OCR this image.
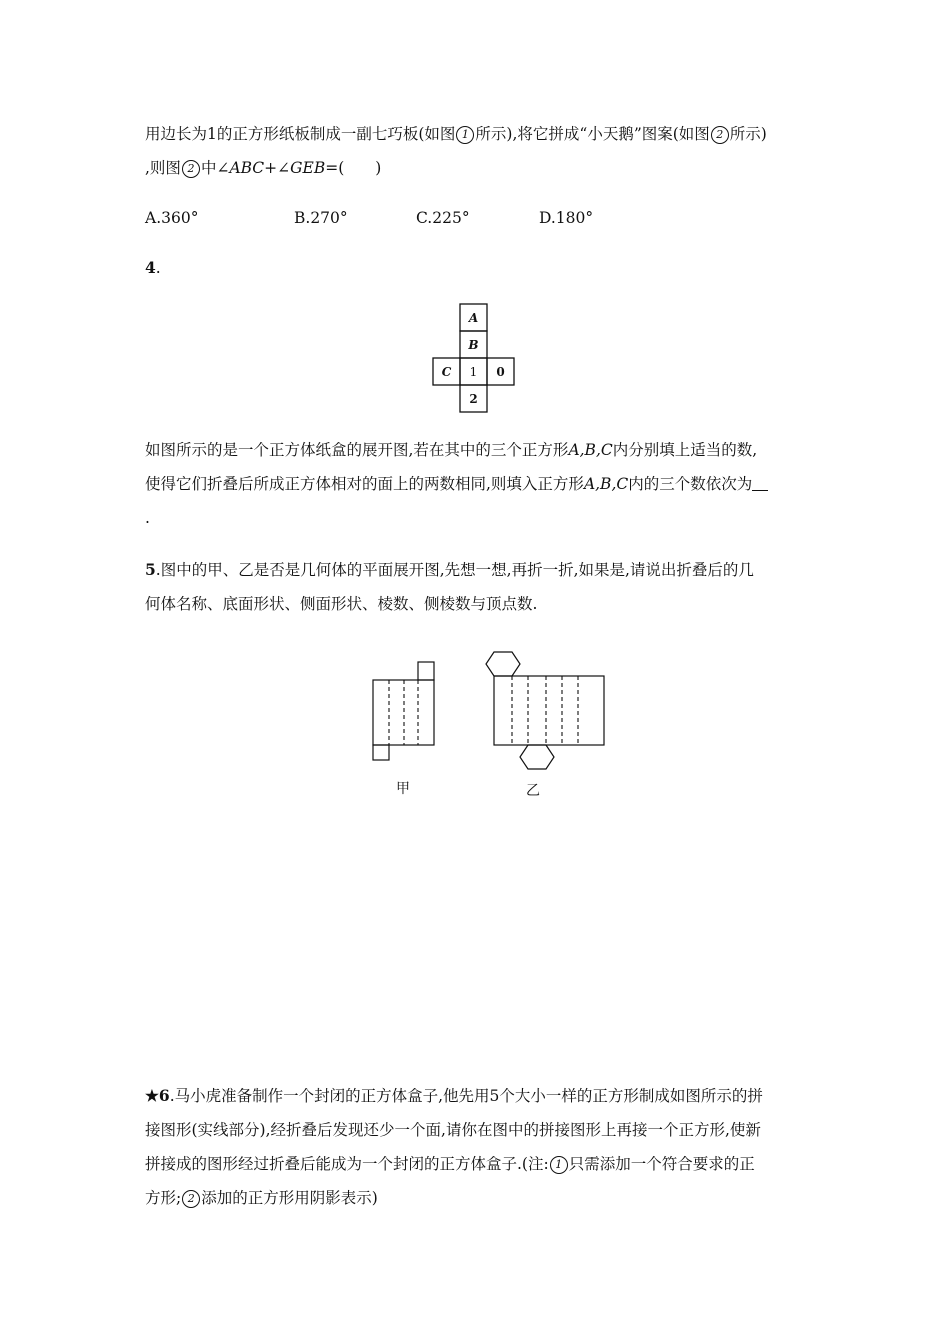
用边长为1的正方形纸板制成一副七巧板(如图 1 所示),将它拼成“小天鹅”图案(如图 2 所示)
,则图 2 中∠ABC+∠GEB=(　　)
A.360°	B.270°	C.225°	D.180°
4.
A
B
C 1 0
2
如图所示的是一个正方体纸盒的展开图,若在其中的三个正方形A,B,C内分别填上适当的数,
使得它们折叠后所成正方体相对的面上的两数相同,则填入正方形A,B,C内的三个数依次为
.
5.图中的甲、乙是否是几何体的平面展开图,先想一想,再折一折,如果是,请说出折叠后的几
何体名称、底面形状、侧面形状、棱数、侧棱数与顶点数.
甲	乙
★6.马小虎准备制作一个封闭的正方体盒子,他先用5个大小一样的正方形制成如图所示的拼
接图形(实线部分),经折叠后发现还少一个面,请你在图中的拼接图形上再接一个正方形,使新
拼接成的图形经过折叠后能成为一个封闭的正方体盒子.(注: 1 只需添加一个符合要求的正
方形; 2 添加的正方形用阴影表示)
